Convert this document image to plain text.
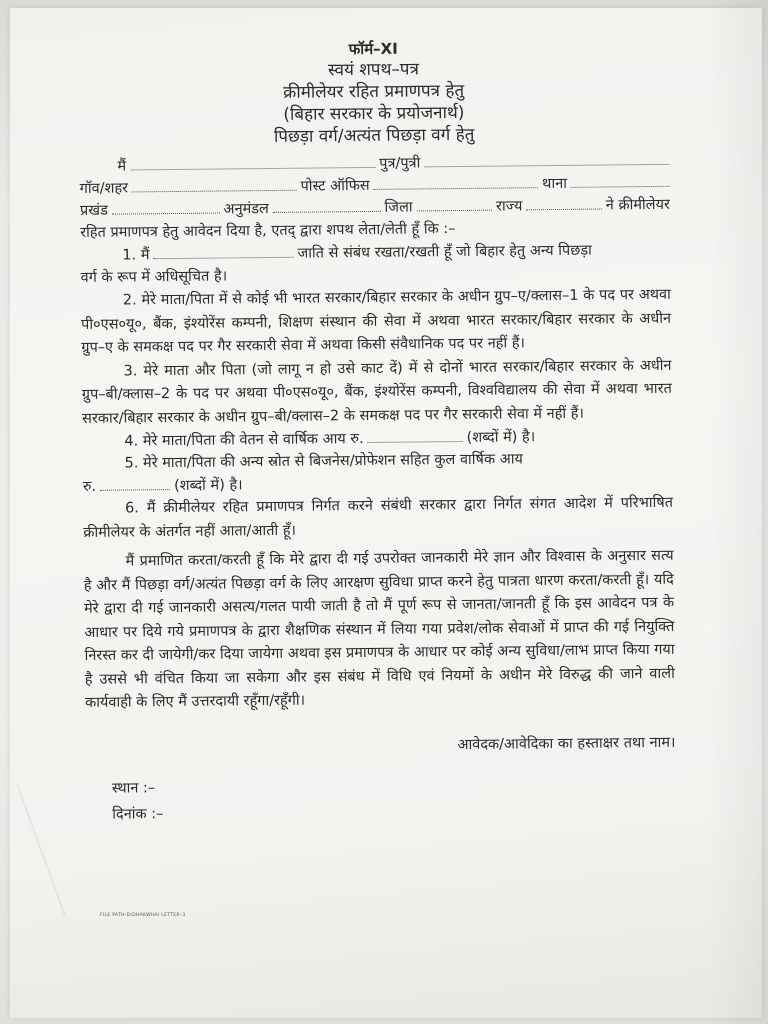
फॉर्म–XI
स्वयं शपथ–पत्र
क्रीमीलेयर रहित प्रमाणपत्र हेतु
(बिहार सरकार के प्रयोजनार्थ)
पिछड़ा वर्ग/अत्यंत पिछड़ा वर्ग हेतु
मैं	पुत्र/पुत्री
गॉव/शहर	पोस्ट ऑफिस	थाना
प्रखंड	अनुमंडल	जिला	राज्य	ने क्रीमीलेयर
रहित प्रमाणपत्र हेतु आवेदन दिया है, एतद् द्वारा शपथ लेता/लेती हूँ कि :–
1. मैं	जाति से संबंध रखता/रखती हूँ जो बिहार हेतु अन्य पिछड़ा
वर्ग के रूप में अधिसूचित है।

2. मेरे माता/पिता में से कोई भी भारत सरकार/बिहार सरकार के अधीन ग्रुप–ए/क्लास–1 के पद पर अथवा पी०एस०यू०, बैंक, इंश्योरेंस कम्पनी, शिक्षण संस्थान की सेवा में अथवा भारत सरकार/बिहार सरकार के अधीन ग्रुप–ए के समकक्ष पद पर गैर सरकारी सेवा में अथवा किसी संवैधानिक पद पर नहीं हैं।

3. मेरे माता और पिता (जो लागू न हो उसे काट दें) में से दोनों भारत सरकार/बिहार सरकार के अधीन ग्रुप–बी/क्लास–2 के पद पर अथवा पी०एस०यू०, बैंक, इंश्योरेंस कम्पनी, विश्वविद्यालय की सेवा में अथवा भारत सरकार/बिहार सरकार के अधीन ग्रुप–बी/क्लास–2 के समकक्ष पद पर गैर सरकारी सेवा में नहीं हैं।

4. मेरे माता/पिता की वेतन से वार्षिक आय रु.	(शब्दों में) है।
5. मेरे माता/पिता की अन्य स्रोत से बिजनेस/प्रोफेशन सहित कुल वार्षिक आय
रु.	(शब्दों में) है।

6. मैं क्रीमीलेयर रहित प्रमाणपत्र निर्गत करने संबंधी सरकार द्वारा निर्गत संगत आदेश में परिभाषित क्रीमीलेयर के अंतर्गत नहीं आता/आती हूँ।

मैं प्रमाणित करता/करती हूँ कि मेरे द्वारा दी गई उपरोक्त जानकारी मेरे ज्ञान और विश्वास के अनुसार सत्य है और मैं पिछड़ा वर्ग/अत्यंत पिछड़ा वर्ग के लिए आरक्षण सुविधा प्राप्त करने हेतु पात्रता धारण करता/करती हूँ। यदि मेरे द्वारा दी गई जानकारी असत्य/गलत पायी जाती है तो मैं पूर्ण रूप से जानता/जानती हूँ कि इस आवेदन पत्र के आधार पर दिये गये प्रमाणपत्र के द्वारा शैक्षणिक संस्थान में लिया गया प्रवेश/लोक सेवाओं में प्राप्त की गई नियुक्ति निरस्त कर दी जायेगी/कर दिया जायेगा अथवा इस प्रमाणपत्र के आधार पर कोई अन्य सुविधा/लाभ प्राप्त किया गया है उससे भी वंचित किया जा सकेगा और इस संबंध में विधि एवं नियमों के अधीन मेरे विरुद्ध की जाने वाली कार्यवाही के लिए मैं उत्तरदायी रहूँगा/रहूँगी।

आवेदक/आवेदिका का हस्ताक्षर तथा नाम।
स्थान :–
दिनांक :–
FILE PATH-D/DHAKWHAI LETTER–3
